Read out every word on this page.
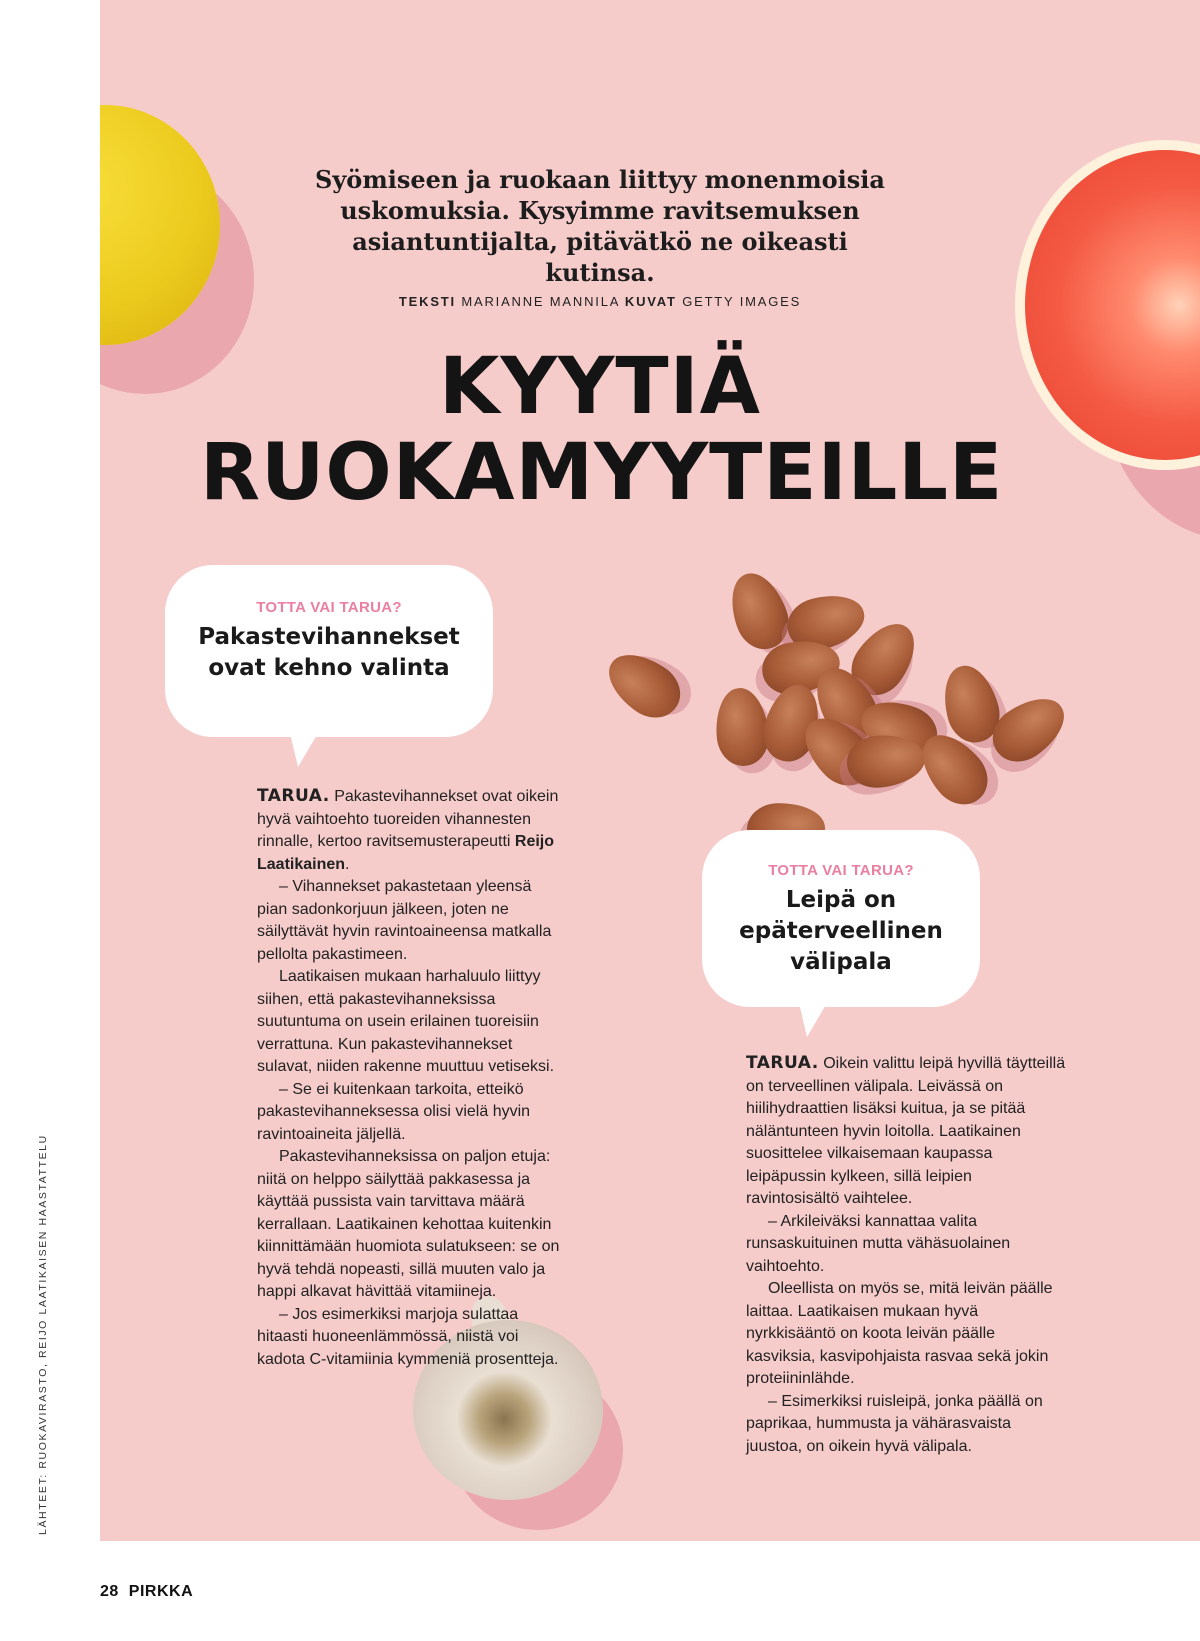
Syömiseen ja ruokaan liittyy monenmoisia uskomuksia. Kysyimme ravitsemuksen asiantuntijalta, pitävätkö ne oikeasti kutinsa.
TEKSTI MARIANNE MANNILA KUVAT GETTY IMAGES
KYYTIÄ
RUOKAMYYTEILLE
TOTTA VAI TARUA?
Pakastevihannekset
ovat kehno valinta

TARUA. Pakastevihannekset ovat oikein hyvä vaihtoehto tuoreiden vihannesten rinnalle, kertoo ravitsemusterapeutti Reijo Laatikainen.

– Vihannekset pakastetaan yleensä pian sadonkorjuun jälkeen, joten ne säilyttävät hyvin ravintoaineensa matkalla pellolta pakastimeen.

Laatikaisen mukaan harhaluulo liittyy siihen, että pakastevihanneksissa suutuntuma on usein erilainen tuoreisiin verrattuna. Kun pakastevihannekset sulavat, niiden rakenne muuttuu vetiseksi.

– Se ei kuitenkaan tarkoita, etteikö pakastevihanneksessa olisi vielä hyvin ravintoaineita jäljellä.

Pakastevihanneksissa on paljon etuja: niitä on helppo säilyttää pakkasessa ja käyttää pussista vain tarvittava määrä kerrallaan. Laatikainen kehottaa kuitenkin kiinnittämään huomiota sulatukseen: se on hyvä tehdä nopeasti, sillä muuten valo ja happi alkavat hävittää vitamiineja.

– Jos esimerkiksi marjoja sulattaa hitaasti huoneenlämmössä, niistä voi kadota C-vitamiinia kymmeniä prosentteja.

TOTTA VAI TARUA?
Leipä on
epäterveellinen
välipala

TARUA. Oikein valittu leipä hyvillä täytteillä on terveellinen välipala. Leivässä on hiilihydraattien lisäksi kuitua, ja se pitää näläntunteen hyvin loitolla. Laatikainen suosittelee vilkaisemaan kaupassa leipäpussin kylkeen, sillä leipien ravintosisältö vaihtelee.

– Arkileiväksi kannattaa valita runsaskuituinen mutta vähäsuolainen vaihtoehto.

Oleellista on myös se, mitä leivän päälle laittaa. Laatikaisen mukaan hyvä nyrkkisääntö on koota leivän päälle kasviksia, kasvipohjaista rasvaa sekä jokin proteiininlähde.

– Esimerkiksi ruisleipä, jonka päällä on paprikaa, hummusta ja vähärasvaista juustoa, on oikein hyvä välipala.

LÄHTEET: RUOKAVIRASTO, REIJO LAATIKAISEN HAASTATTELU
28 PIRKKA
